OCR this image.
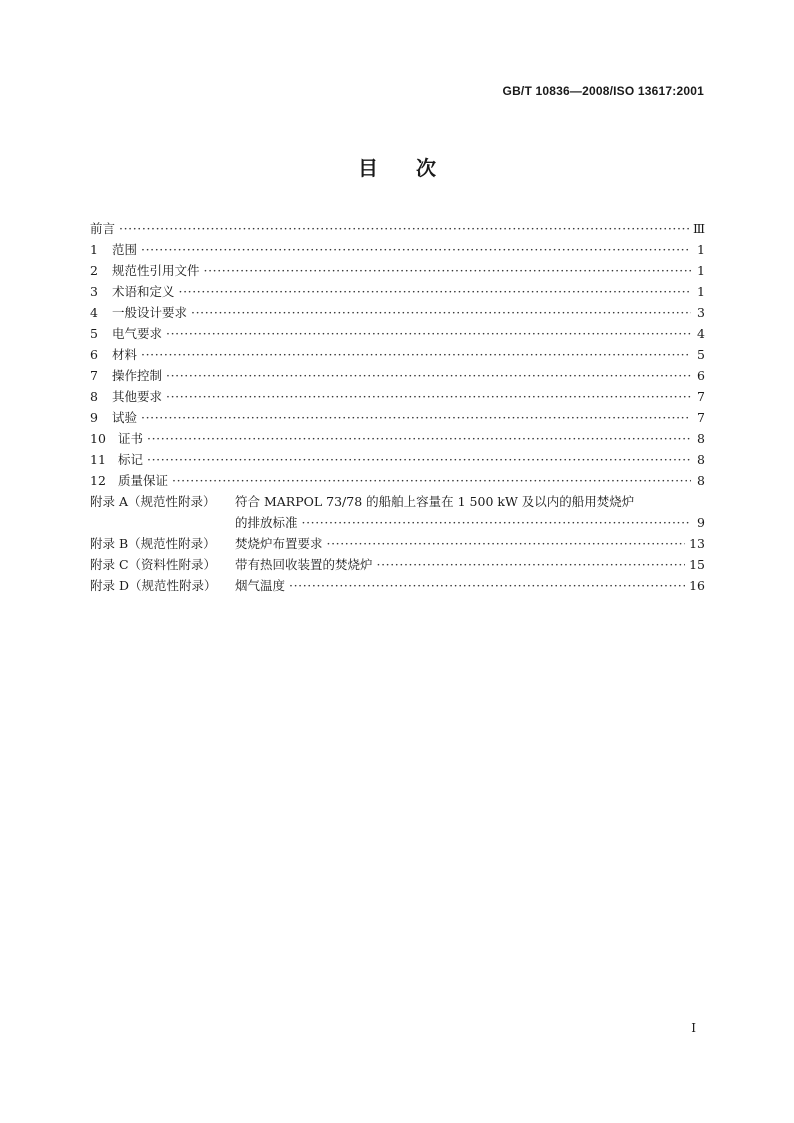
GB/T 10836—2008/ISO 13617:2001
目次
前言 ·····	Ⅲ
1	范围 ·····	1
2	规范性引用文件 ·····	1
3	术语和定义 ·····	1
4	一般设计要求 ·····	3
5	电气要求 ·····	4
6	材料 ·····	5
7	操作控制 ·····	6
8	其他要求 ·····	7
9	试验 ·····	7
10 证书 ·····	8
11 标记 ·····	8
12 质量保证 ·····	8
附录 A（规范性附录）	符合 MARPOL 73/78 的船舶上容量在 1 500 kW 及以内的船用焚烧炉
的排放标准 ·····	9
附录 B（规范性附录）	焚烧炉布置要求 ·····	13
附录 C（资料性附录）	带有热回收装置的焚烧炉 ·····	15
附录 D（规范性附录）	烟气温度 ·····	16
I
